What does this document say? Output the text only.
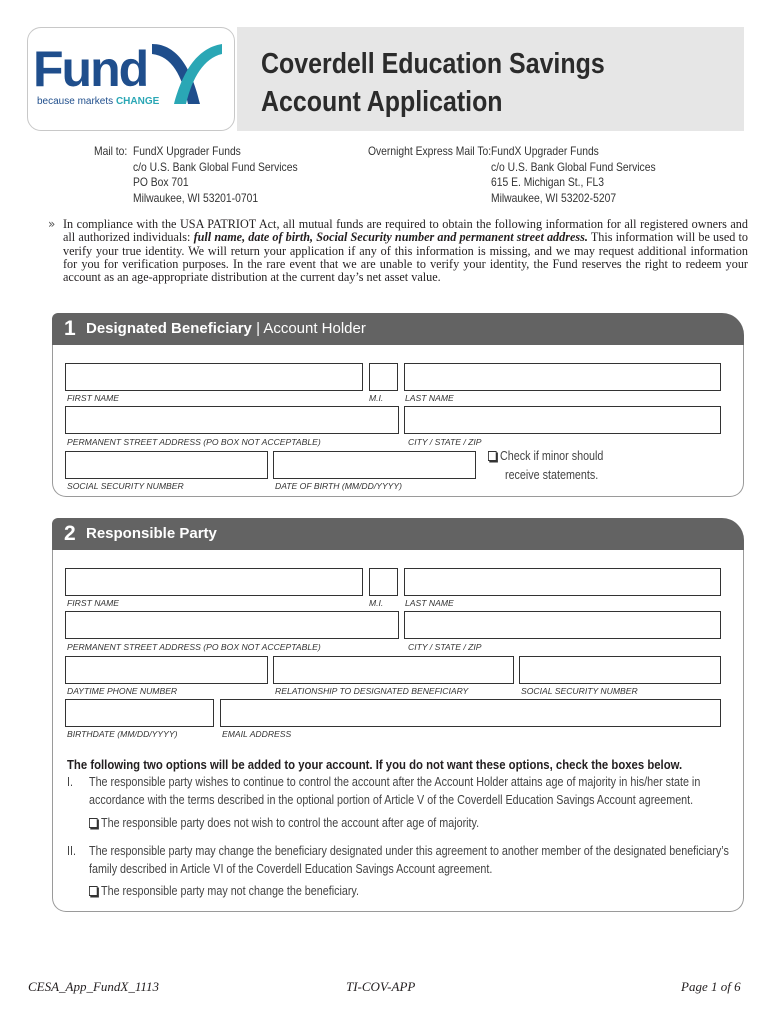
Fund
because markets CHANGE
Coverdell Education Savings
Account Application
Mail to: FundX Upgrader Funds
c/o U.S. Bank Global Fund Services
PO Box 701
Milwaukee, WI 53201-0701
Overnight Express Mail To: FundX Upgrader Funds
c/o U.S. Bank Global Fund Services
615 E. Michigan St., FL3
Milwaukee, WI 53202-5207
» In compliance with the USA PATRIOT Act, all mutual funds are required to obtain the following information for all registered owners and all authorized individuals: full name, date of birth, Social Security number and permanent street address. This information will be used to verify your true identity. We will return your application if any of this information is missing, and we may request additional information for you for verification purposes. In the rare event that we are unable to verify your identity, the Fund reserves the right to redeem your account as an age-appropriate distribution at the current day’s net asset value.

1 Designated Beneficiary | Account Holder
FIRST NAME	M.I.	LAST NAME
PERMANENT STREET ADDRESS (PO BOX NOT ACCEPTABLE)	CITY / STATE / ZIP
SOCIAL SECURITY NUMBER	DATE OF BIRTH (MM/DD/YYYY)
Check if minor should
receive statements.
2 Responsible Party
FIRST NAME	M.I.	LAST NAME
PERMANENT STREET ADDRESS (PO BOX NOT ACCEPTABLE)	CITY / STATE / ZIP
DAYTIME PHONE NUMBER	RELATIONSHIP TO DESIGNATED BENEFICIARY	SOCIAL SECURITY NUMBER
BIRTHDATE (MM/DD/YYYY)	EMAIL ADDRESS
The following two options will be added to your account. If you do not want these options, check the boxes below.
I. The responsible party wishes to continue to control the account after the Account Holder attains age of majority in his/her state in
accordance with the terms described in the optional portion of Article V of the Coverdell Education Savings Account agreement.
The responsible party does not wish to control the account after age of majority.
II. The responsible party may change the beneficiary designated under this agreement to another member of the designated beneficiary’s
family described in Article VI of the Coverdell Education Savings Account agreement.
The responsible party may not change the beneficiary.
CESA_App_FundX_1113	TI-COV-APP	Page 1 of 6
